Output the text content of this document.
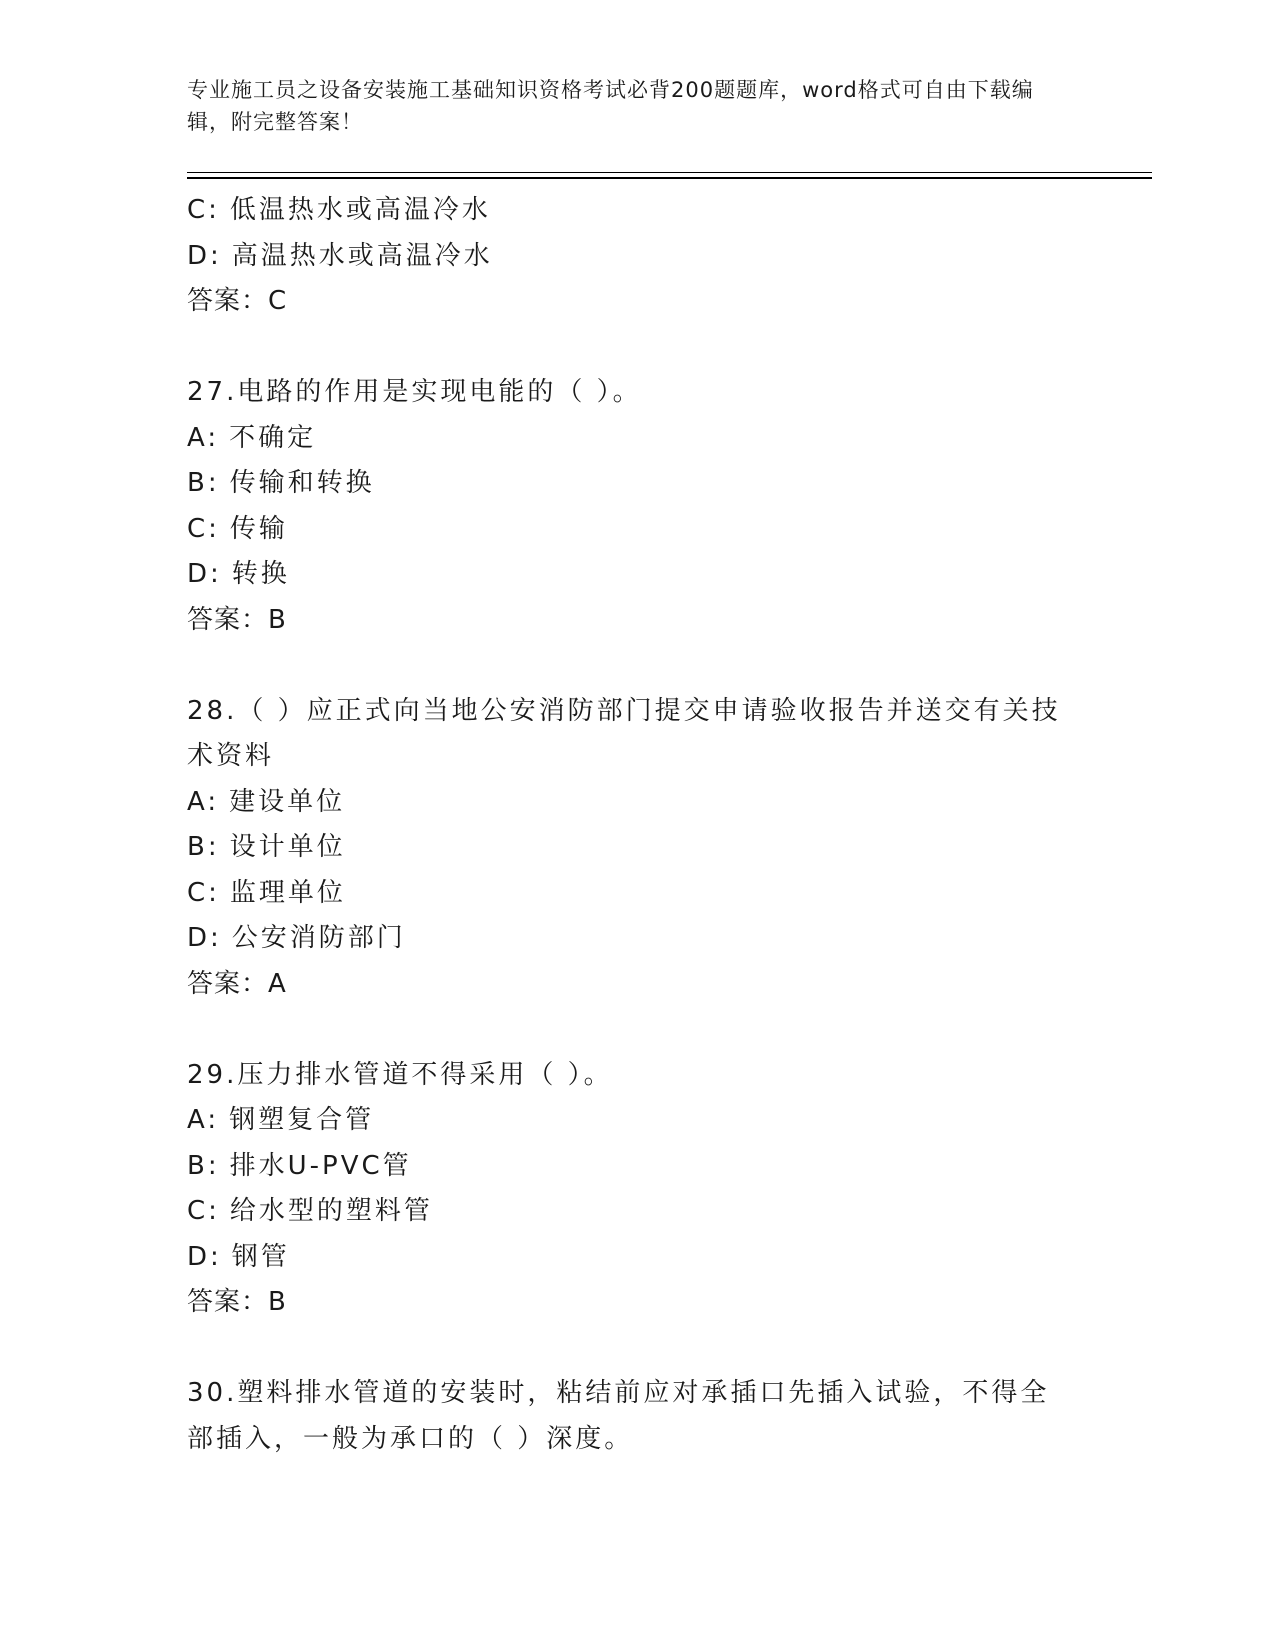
专业施工员之设备安装施工基础知识资格考试必背200题题库，word格式可自由下载编辑，附完整答案！
C: 低温热水或高温冷水
D: 高温热水或高温冷水
答案：C
27.电路的作用是实现电能的（ ）。
A: 不确定
B: 传输和转换
C: 传输
D: 转换
答案：B
28.（ ）应正式向当地公安消防部门提交申请验收报告并送交有关技术资料
A: 建设单位
B: 设计单位
C: 监理单位
D: 公安消防部门
答案：A
29.压力排水管道不得采用（ ）。
A: 钢塑复合管
B: 排水U-PVC管
C: 给水型的塑料管
D: 钢管
答案：B
30.塑料排水管道的安装时，粘结前应对承插口先插入试验，不得全部插入，一般为承口的（ ）深度。
